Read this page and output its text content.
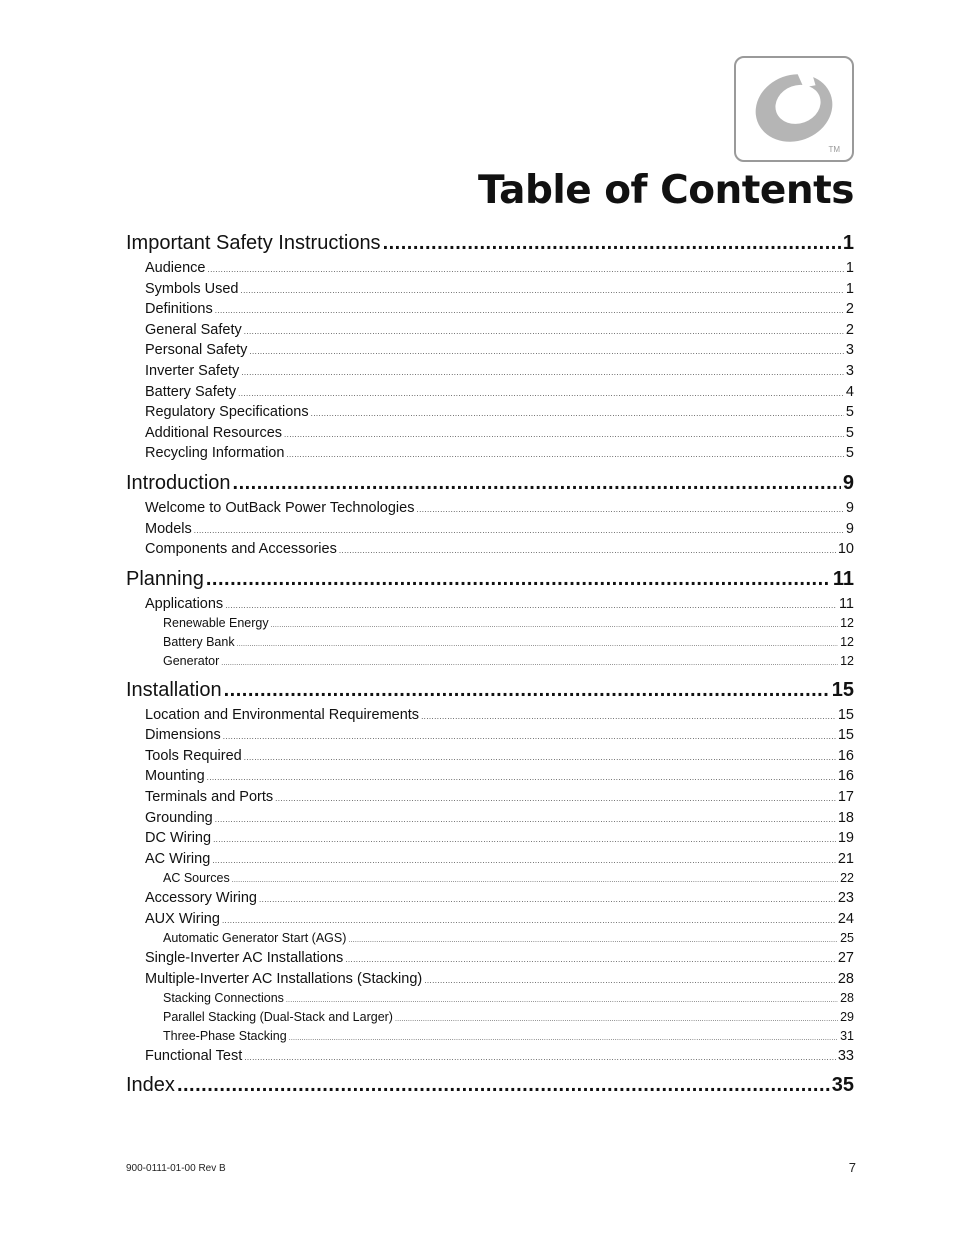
TM
Table of Contents
Important Safety Instructions .....	1
Audience .....	1
Symbols Used .....	1
Definitions .....	2
General Safety .....	2
Personal Safety .....	3
Inverter Safety .....	3
Battery Safety .....	4
Regulatory Specifications .....	5
Additional Resources .....	5
Recycling Information .....	5
Introduction .....	9
Welcome to OutBack Power Technologies .....	9
Models .....	9
Components and Accessories .....	10
Planning .....	11
Applications .....	11
Renewable Energy .....	12
Battery Bank .....	12
Generator .....	12
Installation .....	15
Location and Environmental Requirements .....	15
Dimensions .....	15
Tools Required .....	16
Mounting .....	16
Terminals and Ports .....	17
Grounding .....	18
DC Wiring .....	19
AC Wiring .....	21
AC Sources .....	22
Accessory Wiring .....	23
AUX Wiring .....	24
Automatic Generator Start (AGS) .....	25
Single-Inverter AC Installations .....	27
Multiple-Inverter AC Installations (Stacking) .....	28
Stacking Connections .....	28
Parallel Stacking (Dual-Stack and Larger) .....	29
Three-Phase Stacking .....	31
Functional Test .....	33
Index .....	35
900-0111-01-00 Rev B	7
